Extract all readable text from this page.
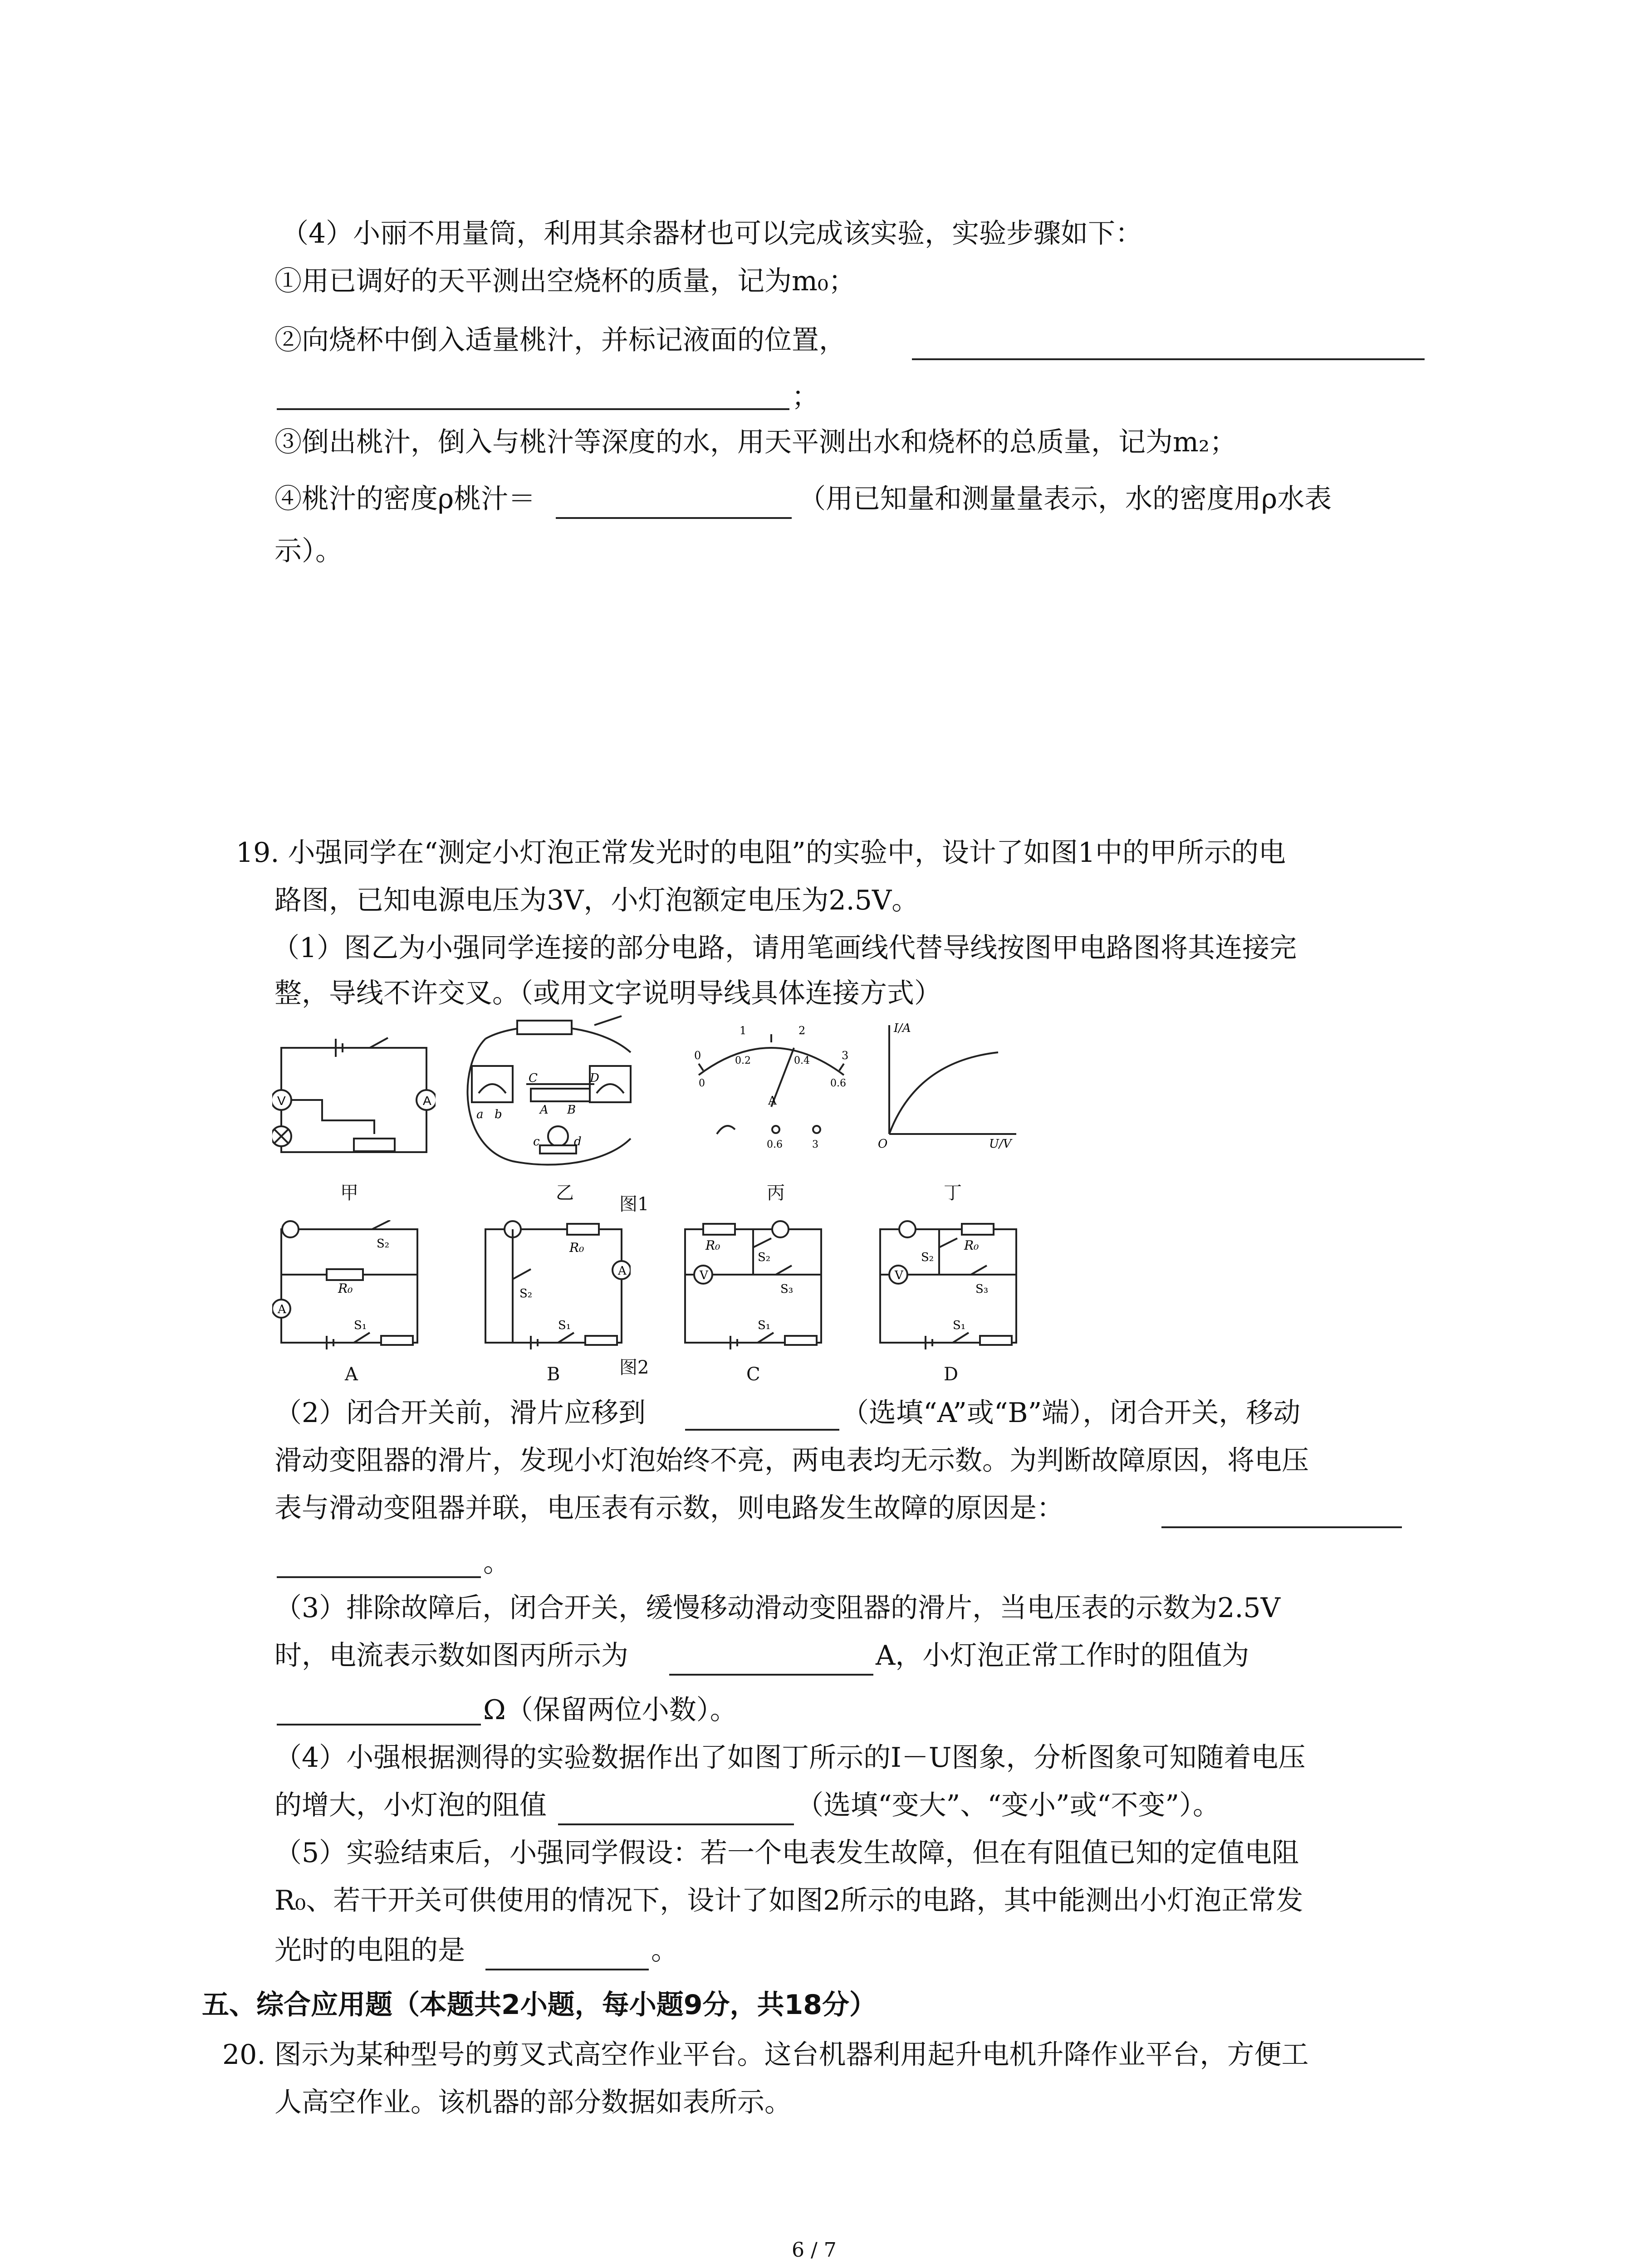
（4）小丽不用量筒，利用其余器材也可以完成该实验，实验步骤如下：
①用已调好的天平测出空烧杯的质量，记为m₀；
②向烧杯中倒入适量桃汁，并标记液面的位置，
；
③倒出桃汁，倒入与桃汁等深度的水，用天平测出水和烧杯的总质量，记为m₂；
④桃汁的密度ρ桃汁＝	（用已知量和测量量表示，水的密度用ρ水表
示）。
19. 小强同学在“测定小灯泡正常发光时的电阻”的实验中，设计了如图1中的甲所示的电
路图，已知电源电压为3V，小灯泡额定电压为2.5V。
（1）图乙为小强同学连接的部分电路，请用笔画线代替导线按图甲电路图将其连接完
整，导线不许交叉。（或用文字说明导线具体连接方式）
A
V
甲
a b
C	D
A B
c	d
乙
0
1	2
3
0
0.2	0.4
0.6
A
0.6	3
丙
I/A
U/V
O
丁
图1
A
S₂
R₀
S₁
A
R₀
S₂
S₁
V
R₀
S₂
S₃
S₁
V
R₀
S₂
S₃
S₁
A	B	C	D
图2
（2）闭合开关前，滑片应移到	（选填“A”或“B”端），闭合开关，移动
滑动变阻器的滑片，发现小灯泡始终不亮，两电表均无示数。为判断故障原因，将电压
表与滑动变阻器并联，电压表有示数，则电路发生故障的原因是：
。
（3）排除故障后，闭合开关，缓慢移动滑动变阻器的滑片，当电压表的示数为2.5V
时，电流表示数如图丙所示为	A，小灯泡正常工作时的阻值为
Ω（保留两位小数）。
（4）小强根据测得的实验数据作出了如图丁所示的I－U图象，分析图象可知随着电压
的增大，小灯泡的阻值	（选填“变大”、“变小”或“不变”）。
（5）实验结束后，小强同学假设：若一个电表发生故障，但在有阻值已知的定值电阻
R₀、若干开关可供使用的情况下，设计了如图2所示的电路，其中能测出小灯泡正常发
光时的电阻的是	。
五、综合应用题（本题共2小题，每小题9分，共18分）
20. 图示为某种型号的剪叉式高空作业平台。这台机器利用起升电机升降作业平台，方便工
人高空作业。该机器的部分数据如表所示。
6 / 7
